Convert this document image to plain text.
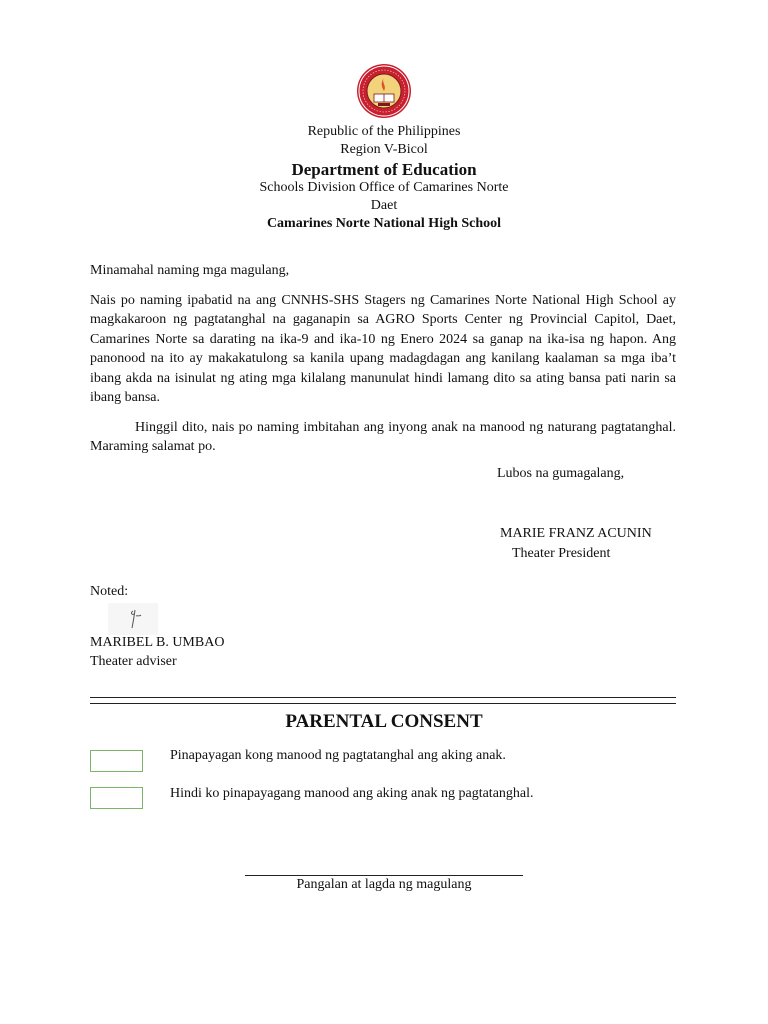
Republic of the Philippines
Region V-Bicol
Department of Education
Schools Division Office of Camarines Norte
Daet
Camarines Norte National High School
Minamahal naming mga magulang,
Nais po naming ipabatid na ang CNNHS-SHS Stagers ng Camarines Norte National High School ay magkakaroon ng pagtatanghal na gaganapin sa AGRO Sports Center ng Provincial Capitol, Daet, Camarines Norte sa darating na ika-9 and ika-10 ng Enero 2024 sa ganap na ika-isa ng hapon. Ang panonood na ito ay makakatulong sa kanila upang madagdagan ang kanilang kaalaman sa mga iba’t ibang akda na isinulat ng ating mga kilalang manunulat hindi lamang dito sa ating bansa pati narin sa ibang bansa.
Hinggil dito, nais po naming imbitahan ang inyong anak na manood ng naturang pagtatanghal. Maraming salamat po.
Lubos na gumagalang,
MARIE FRANZ ACUNIN
Theater President
Noted:
MARIBEL B. UMBAO
Theater adviser
PARENTAL CONSENT
Pinapayagan kong manood ng pagtatanghal ang aking anak.
Hindi ko pinapayagang manood ang aking anak ng pagtatanghal.
Pangalan at lagda ng magulang
